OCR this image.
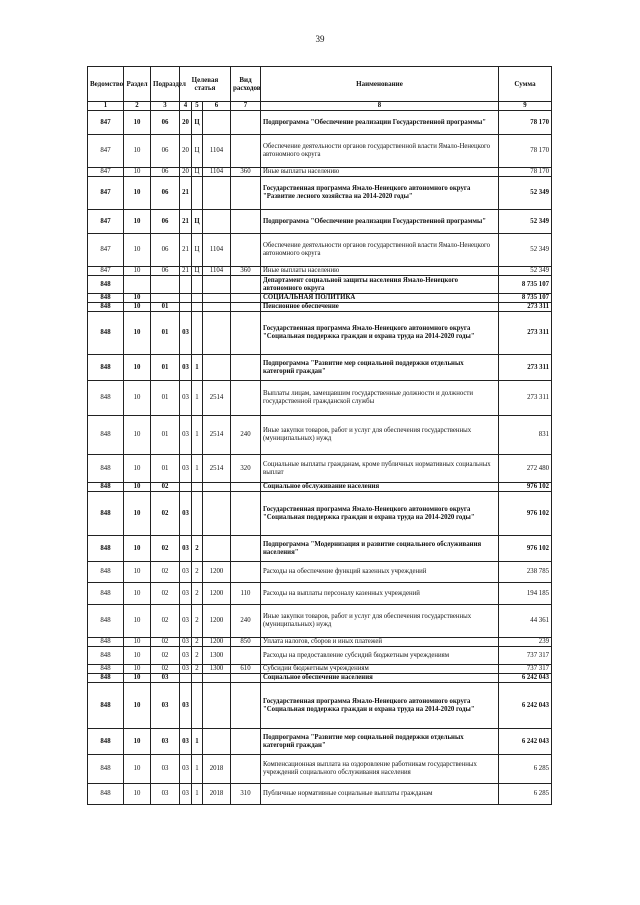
39
Ведомство	Раздел	Подраздел	Целевая статья			Вид расходов	Наименование	Сумма
1	2	3	4	5	6	7	8	9
847	10	06	20	Ц			Подпрограмма "Обеспечение реализации Государственной программы"	78 170
847	10	06	20	Ц	1104		Обеспечение деятельности органов государственной власти Ямало-Ненецкого автономного округа	78 170
847	10	06	20	Ц	1104	360	Иные выплаты населению	78 170
847	10	06	21				Государственная программа Ямало-Ненецкого автономного округа "Развитие лесного хозяйства на 2014-2020 годы"	52 349
847	10	06	21	Ц			Подпрограмма "Обеспечение реализации Государственной программы"	52 349
847	10	06	21	Ц	1104		Обеспечение деятельности органов государственной власти Ямало-Ненецкого автономного округа	52 349
847	10	06	21	Ц	1104	360	Иные выплаты населению	52 349
848							Департамент социальной защиты населения Ямало-Ненецкого автономного округа	8 735 107
848	10						СОЦИАЛЬНАЯ ПОЛИТИКА	8 735 107
848	10	01					Пенсионное обеспечение	273 311
848	10	01	03				Государственная программа Ямало-Ненецкого автономного округа "Социальная поддержка граждан и охрана труда на 2014-2020 годы"	273 311
848	10	01	03	1			Подпрограмма "Развитие мер социальной поддержки отдельных категорий граждан"	273 311
848	10	01	03	1	2514		Выплаты лицам, замещавшим государственные должности и должности государственной гражданской службы	273 311
848	10	01	03	1	2514	240	Иные закупки товаров, работ и услуг для обеспечения государственных (муниципальных) нужд	831
848	10	01	03	1	2514	320	Социальные выплаты гражданам, кроме публичных нормативных социальных выплат	272 480
848	10	02					Социальное обслуживание населения	976 102
848	10	02	03				Государственная программа Ямало-Ненецкого автономного округа "Социальная поддержка граждан и охрана труда на 2014-2020 годы"	976 102
848	10	02	03	2			Подпрограмма "Модернизация и развитие социального обслуживания населения"	976 102
848	10	02	03	2	1200		Расходы на обеспечение функций казенных учреждений	238 785
848	10	02	03	2	1200	110	Расходы на выплаты персоналу казенных учреждений	194 185
848	10	02	03	2	1200	240	Иные закупки товаров, работ и услуг для обеспечения государственных (муниципальных) нужд	44 361
848	10	02	03	2	1200	850	Уплата налогов, сборов и иных платежей	239
848	10	02	03	2	1300		Расходы на предоставление субсидий бюджетным учреждениям	737 317
848	10	02	03	2	1300	610	Субсидии бюджетным учреждениям	737 317
848	10	03					Социальное обеспечение населения	6 242 043
848	10	03	03				Государственная программа Ямало-Ненецкого автономного округа "Социальная поддержка граждан и охрана труда на 2014-2020 годы"	6 242 043
848	10	03	03	1			Подпрограмма "Развитие мер социальной поддержки отдельных категорий граждан"	6 242 043
848	10	03	03	1	2018		Компенсационная выплата на оздоровление работникам государственных учреждений социального обслуживания населения	6 285
848	10	03	03	1	2018	310	Публичные нормативные социальные выплаты гражданам	6 285
